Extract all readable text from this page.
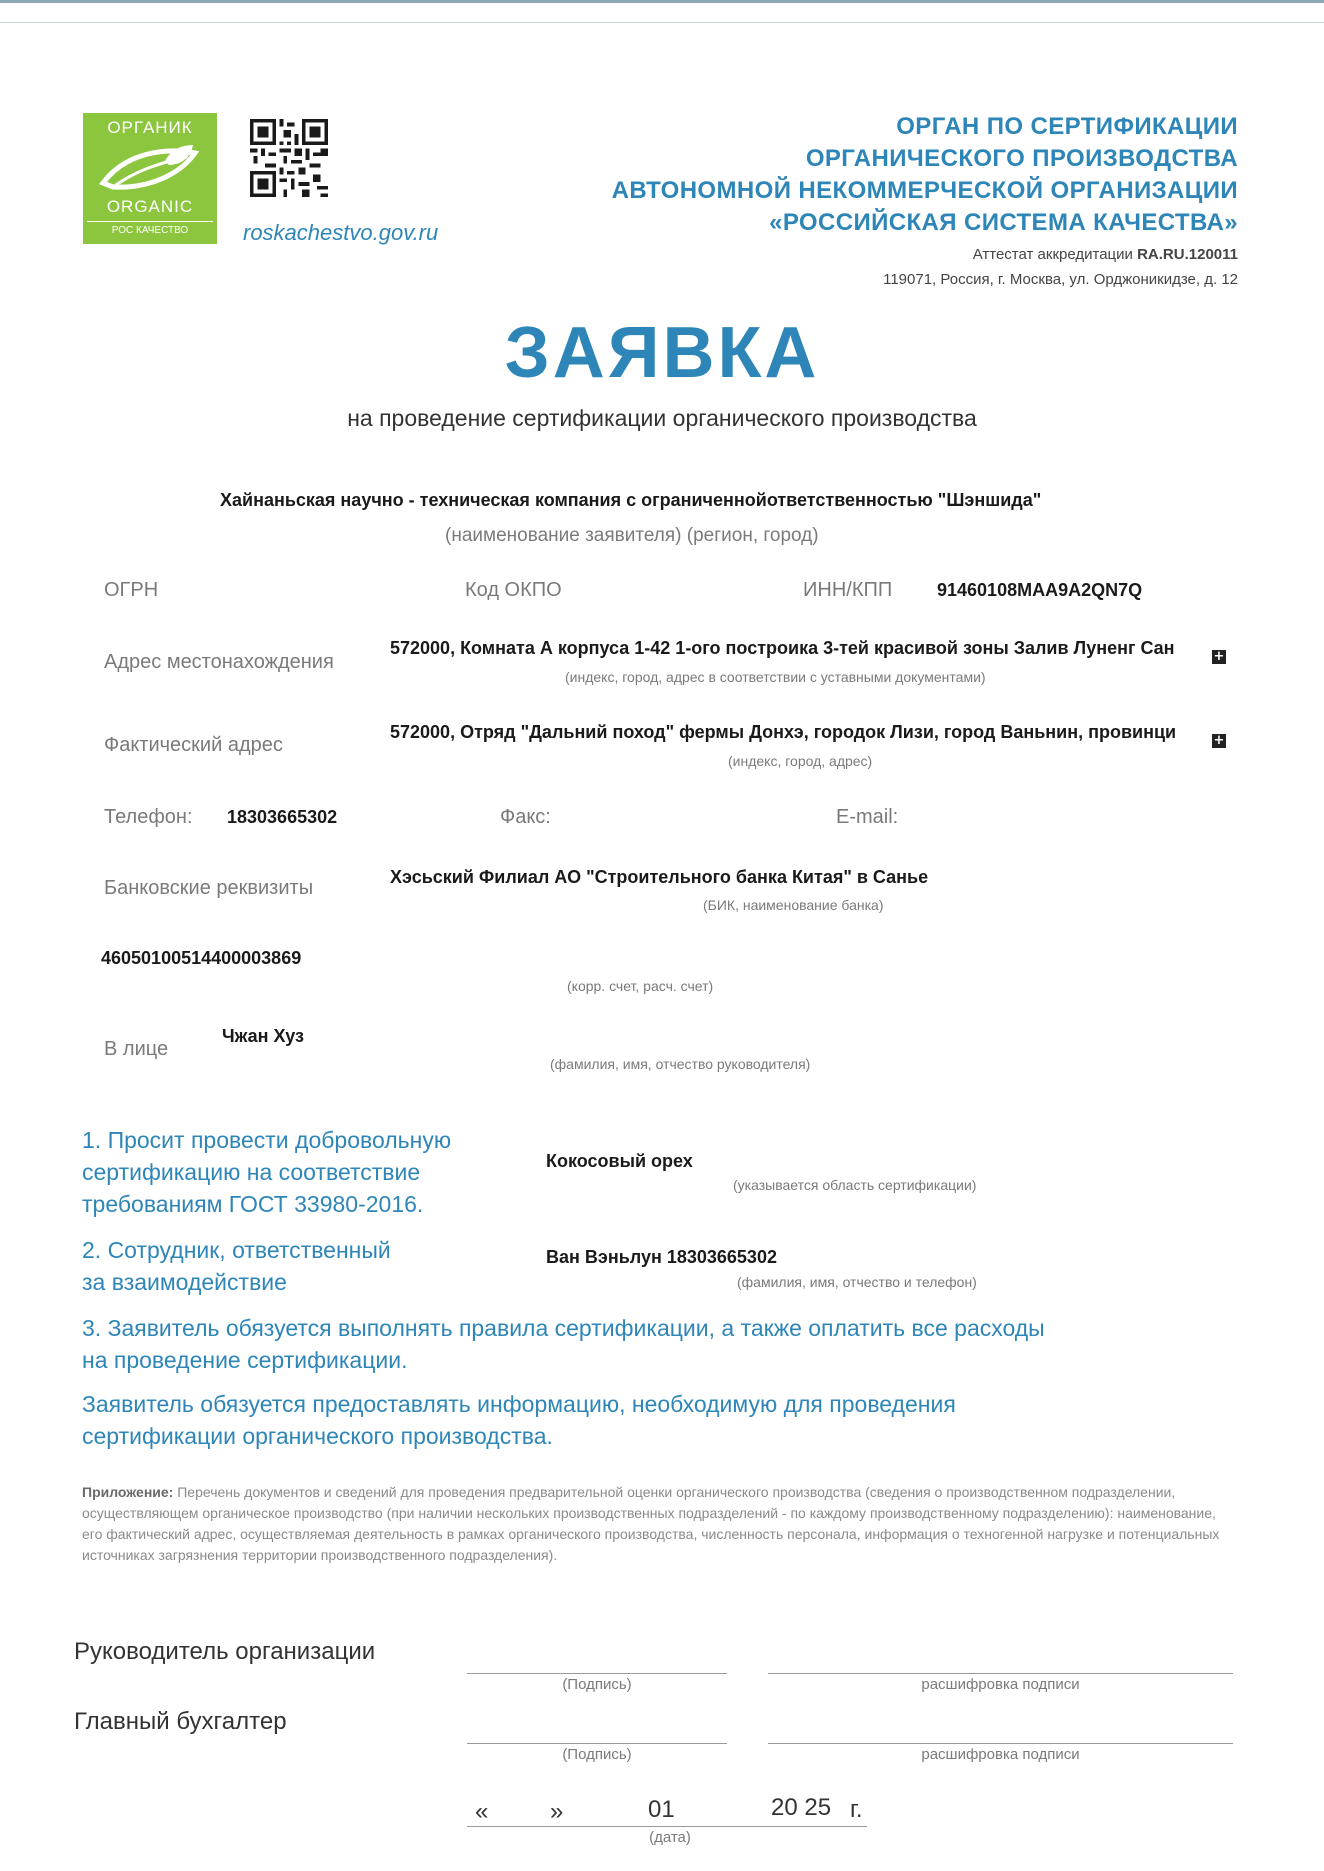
ОРГАНИК
ORGANIC
РОС КАЧЕСТВО	roskachestvo.gov.ru
ОРГАН ПО СЕРТИФИКАЦИИ
ОРГАНИЧЕСКОГО ПРОИЗВОДСТВА
АВТОНОМНОЙ НЕКОММЕРЧЕСКОЙ ОРГАНИЗАЦИИ
«РОССИЙСКАЯ СИСТЕМА КАЧЕСТВА»
Аттестат аккредитации RA.RU.120011
119071, Россия, г. Москва, ул. Орджоникидзе, д. 12
ЗАЯВКА
на проведение сертификации органического производства
Хайнаньская научно - техническая компания с ограниченнойответственностью "Шэншида"
(наименование заявителя) (регион, город)
ОГРН	Код ОКПО	ИНН/КПП 91460108MAA9A2QN7Q
Адрес местонахождения
572000, Комната А корпуса 1-42 1-ого построика 3-тей красивой зоны Залив Луненг Сан	+
(индекс, город, адрес в соответствии с уставными документами)
Фактический адрес
572000, Отряд "Дальний поход" фермы Донхэ, городок Лизи, город Ваньнин, провинци	+
(индекс, город, адрес)
Телефон: 18303665302	Факс:	E-mail:
Банковские реквизиты	Хэсьский Филиал АО "Строительного банка Китая" в Санье
(БИК, наименование банка)
46050100514400003869
(корр. счет, расч. счет)
В лице
Чжан Хуз
(фамилия, имя, отчество руководителя)
1. Просит провести добровольную
сертификацию на соответствие
требованиям ГОСТ 33980-2016.
Кокосовый орех
(указывается область сертификации)
2. Сотрудник, ответственный
за взаимодействие
Ван Вэньлун 18303665302
(фамилия, имя, отчество и телефон)
3. Заявитель обязуется выполнять правила сертификации, а также оплатить все расходы
на проведение сертификации.
Заявитель обязуется предоставлять информацию, необходимую для проведения
сертификации органического производства.
Приложение: Перечень документов и сведений для проведения предварительной оценки органического производства (сведения о производственном подразделении, осуществляющем органическое производство (при наличии нескольких производственных подразделений - по каждому производственному подразделению): наименование, его фактический адрес, осуществляемая деятельность в рамках органического производства, численность персонала, информация о техногенной нагрузке и потенциальных источниках загрязнения территории производственного подразделения).
Руководитель организации
(Подпись)	расшифровка подписи
Главный бухгалтер
(Подпись)	расшифровка подписи
«	»	01	20 25 г.
(дата)
